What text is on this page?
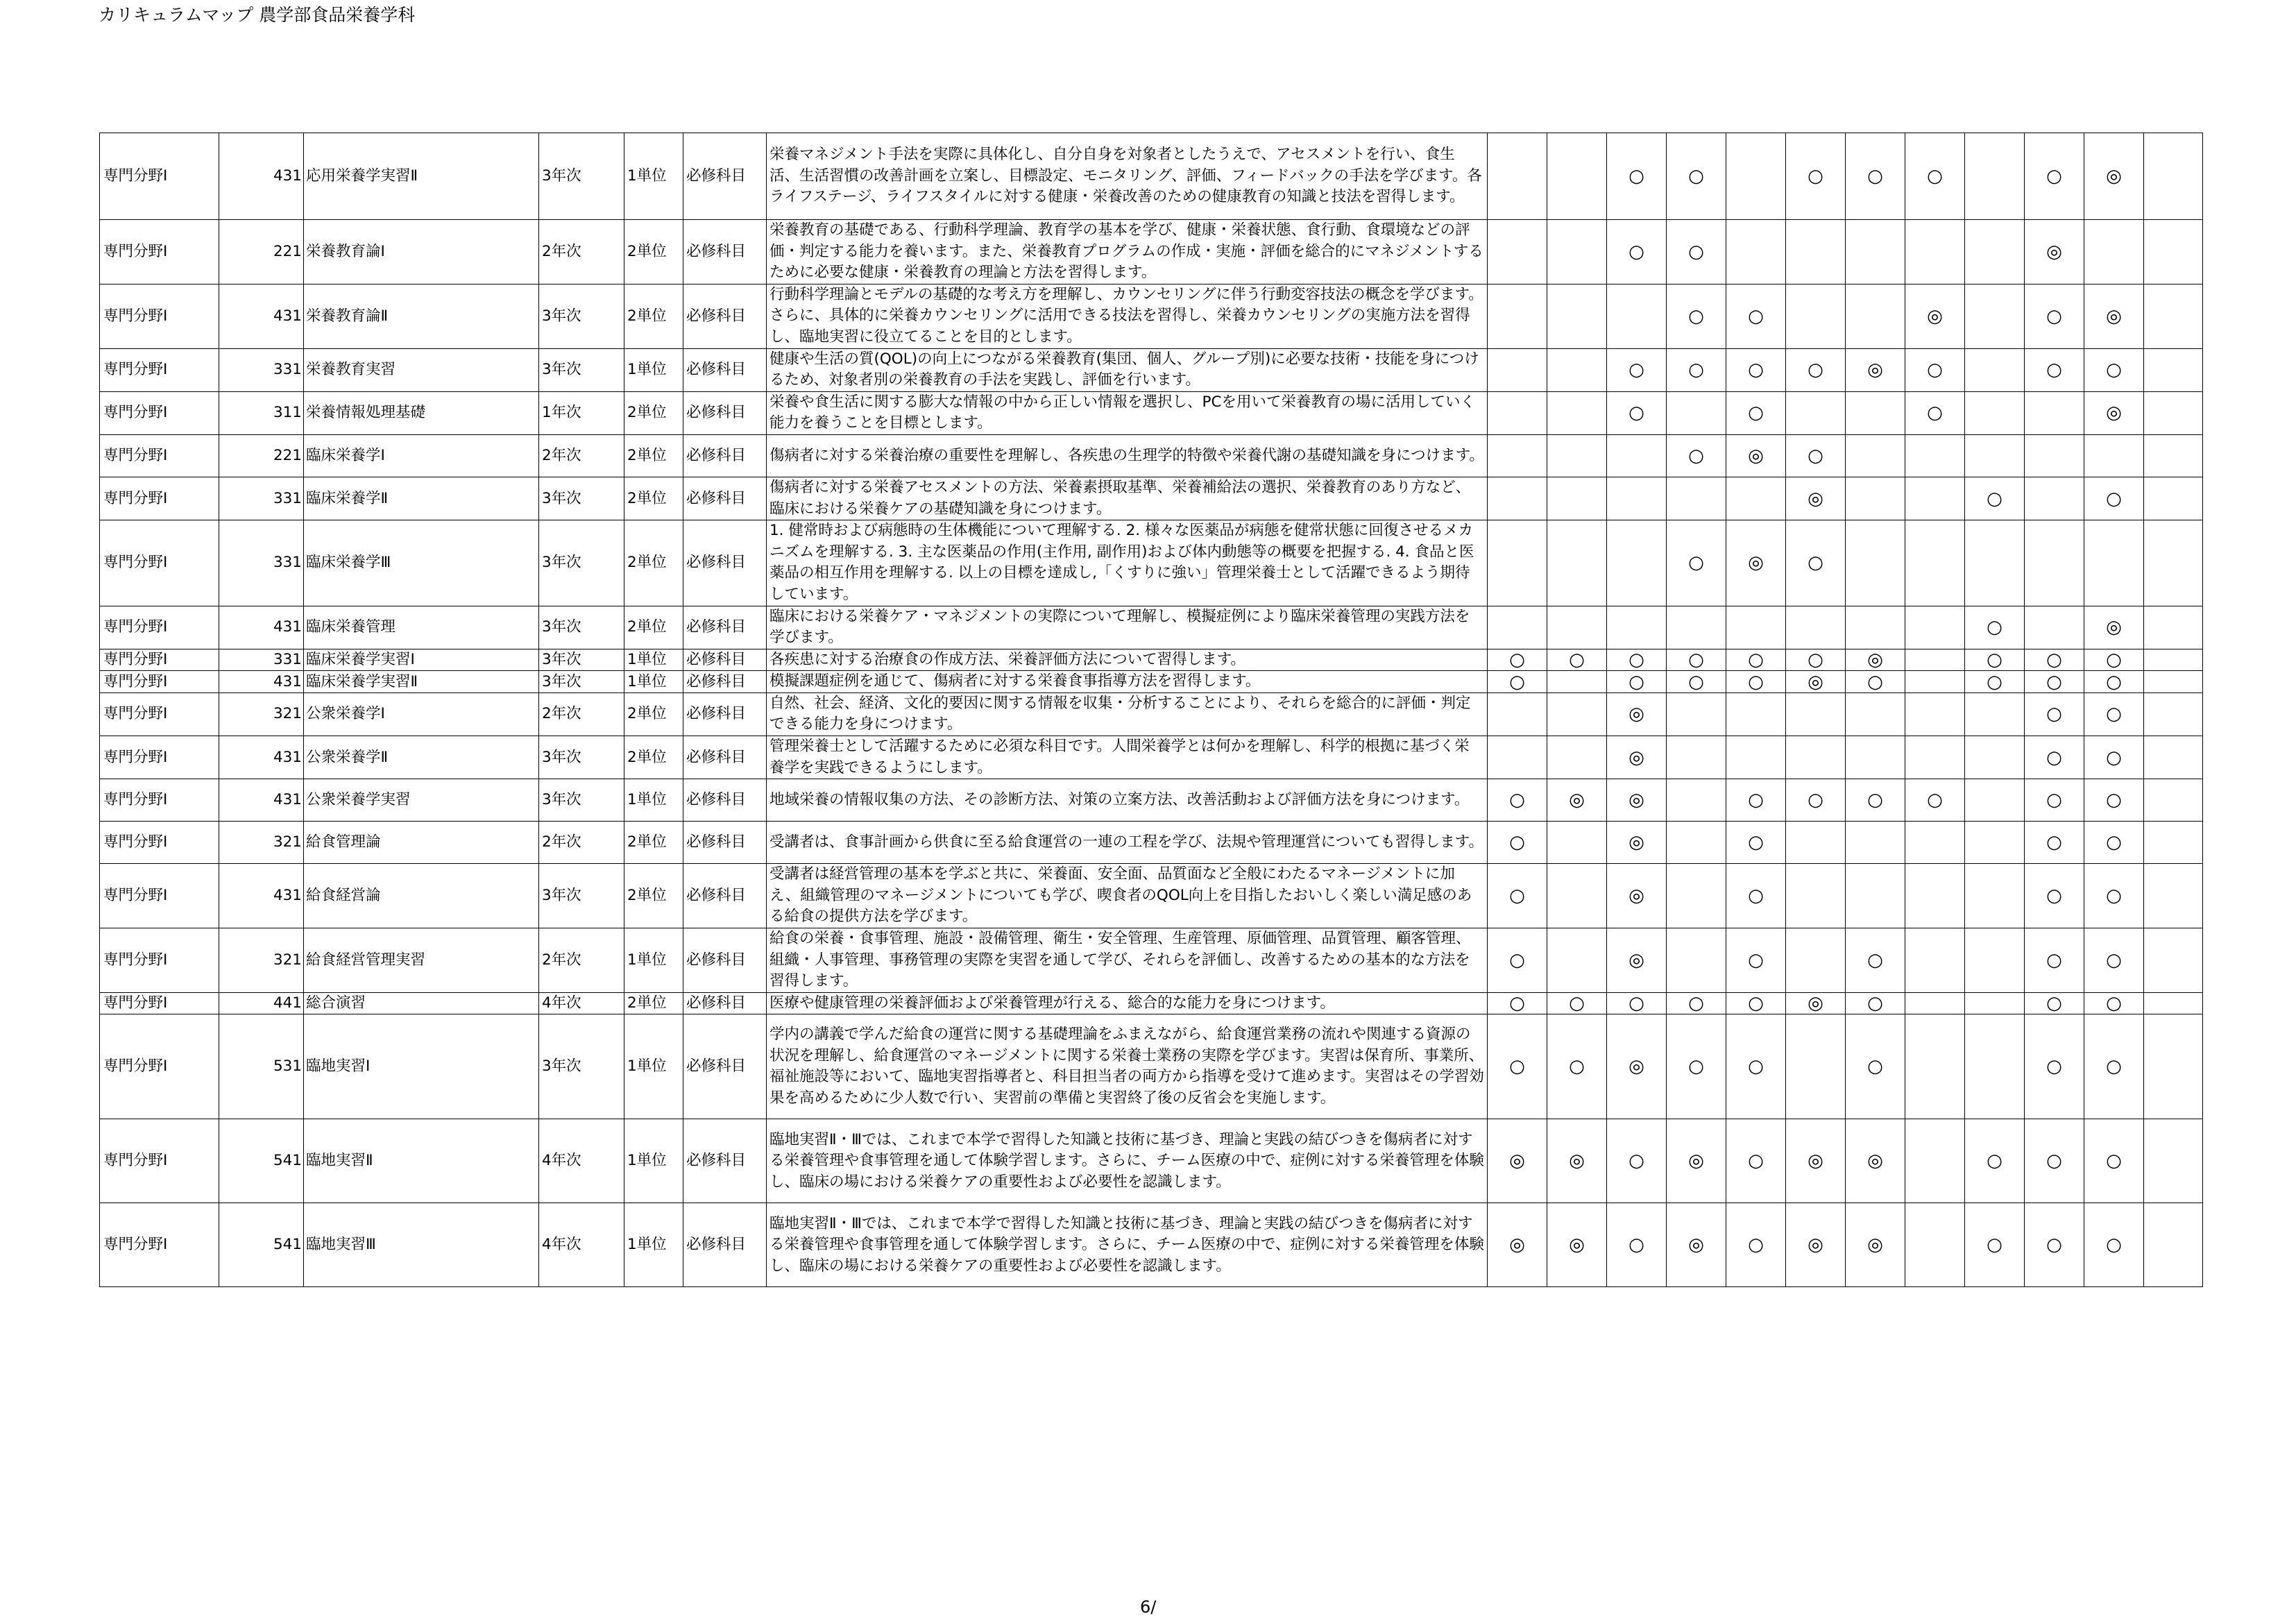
カリキュラムマップ 農学部食品栄養学科
専門分野Ⅰ	431	応用栄養学実習Ⅱ	3年次	1単位	必修科目	栄養マネジメント手法を実際に具体化し、自分自身を対象者としたうえで、アセスメントを行い、食生活、生活習慣の改善計画を立案し、目標設定、モニタリング、評価、フィードバックの手法を学びます。各ライフステージ、ライフスタイルに対する健康・栄養改善のための健康教育の知識と技法を習得します。			○	○		○	○	○		○	◎	
専門分野Ⅰ	221	栄養教育論Ⅰ	2年次	2単位	必修科目	栄養教育の基礎である、行動科学理論、教育学の基本を学び、健康・栄養状態、食行動、食環境などの評価・判定する能力を養います。また、栄養教育プログラムの作成・実施・評価を総合的にマネジメントするために必要な健康・栄養教育の理論と方法を習得します。			○	○						◎		
専門分野Ⅰ	431	栄養教育論Ⅱ	3年次	2単位	必修科目	行動科学理論とモデルの基礎的な考え方を理解し、カウンセリングに伴う行動変容技法の概念を学びます。さらに、具体的に栄養カウンセリングに活用できる技法を習得し、栄養カウンセリングの実施方法を習得し、臨地実習に役立てることを目的とします。				○	○			◎		○	◎	
専門分野Ⅰ	331	栄養教育実習	3年次	1単位	必修科目	健康や生活の質(QOL)の向上につながる栄養教育(集団、個人、グループ別)に必要な技術・技能を身につけるため、対象者別の栄養教育の手法を実践し、評価を行います。			○	○	○	○	◎	○		○	○	
専門分野Ⅰ	311	栄養情報処理基礎	1年次	2単位	必修科目	栄養や食生活に関する膨大な情報の中から正しい情報を選択し、PCを用いて栄養教育の場に活用していく能力を養うことを目標とします。			○		○			○			◎	
専門分野Ⅰ	221	臨床栄養学Ⅰ	2年次	2単位	必修科目	傷病者に対する栄養治療の重要性を理解し、各疾患の生理学的特徴や栄養代謝の基礎知識を身につけます。				○	◎	○						
専門分野Ⅰ	331	臨床栄養学Ⅱ	3年次	2単位	必修科目	傷病者に対する栄養アセスメントの方法、栄養素摂取基準、栄養補給法の選択、栄養教育のあり方など、臨床における栄養ケアの基礎知識を身につけます。						◎			○		○	
専門分野Ⅰ	331	臨床栄養学Ⅲ	3年次	2単位	必修科目	1. 健常時および病態時の生体機能について理解する. 2. 様々な医薬品が病態を健常状態に回復させるメカニズムを理解する. 3. 主な医薬品の作用(主作用, 副作用)および体内動態等の概要を把握する. 4. 食品と医薬品の相互作用を理解する. 以上の目標を達成し,「くすりに強い」管理栄養士として活躍できるよう期待しています。				○	◎	○						
専門分野Ⅰ	431	臨床栄養管理	3年次	2単位	必修科目	臨床における栄養ケア・マネジメントの実際について理解し、模擬症例により臨床栄養管理の実践方法を学びます。									○		◎	
専門分野Ⅰ	331	臨床栄養学実習Ⅰ	3年次	1単位	必修科目	各疾患に対する治療食の作成方法、栄養評価方法について習得します。	○	○	○	○	○	○	◎		○	○	○	
専門分野Ⅰ	431	臨床栄養学実習Ⅱ	3年次	1単位	必修科目	模擬課題症例を通じて、傷病者に対する栄養食事指導方法を習得します。	○		○	○	○	◎	○		○	○	○	
専門分野Ⅰ	321	公衆栄養学Ⅰ	2年次	2単位	必修科目	自然、社会、経済、文化的要因に関する情報を収集・分析することにより、それらを総合的に評価・判定できる能力を身につけます。			◎							○	○	
専門分野Ⅰ	431	公衆栄養学Ⅱ	3年次	2単位	必修科目	管理栄養士として活躍するために必須な科目です。人間栄養学とは何かを理解し、科学的根拠に基づく栄養学を実践できるようにします。			◎							○	○	
専門分野Ⅰ	431	公衆栄養学実習	3年次	1単位	必修科目	地域栄養の情報収集の方法、その診断方法、対策の立案方法、改善活動および評価方法を身につけます。	○	◎	◎		○	○	○	○		○	○	
専門分野Ⅰ	321	給食管理論	2年次	2単位	必修科目	受講者は、食事計画から供食に至る給食運営の一連の工程を学び、法規や管理運営についても習得します。	○		◎		○					○	○	
専門分野Ⅰ	431	給食経営論	3年次	2単位	必修科目	受講者は経営管理の基本を学ぶと共に、栄養面、安全面、品質面など全般にわたるマネージメントに加え、組織管理のマネージメントについても学び、喫食者のQOL向上を目指したおいしく楽しい満足感のある給食の提供方法を学びます。	○		◎		○					○	○	
専門分野Ⅰ	321	給食経営管理実習	2年次	1単位	必修科目	給食の栄養・食事管理、施設・設備管理、衛生・安全管理、生産管理、原価管理、品質管理、顧客管理、組織・人事管理、事務管理の実際を実習を通して学び、それらを評価し、改善するための基本的な方法を習得します。	○		◎		○		○			○	○	
専門分野Ⅰ	441	総合演習	4年次	2単位	必修科目	医療や健康管理の栄養評価および栄養管理が行える、総合的な能力を身につけます。	○	○	○	○	○	◎	○			○	○	
専門分野Ⅰ	531	臨地実習Ⅰ	3年次	1単位	必修科目	学内の講義で学んだ給食の運営に関する基礎理論をふまえながら、給食運営業務の流れや関連する資源の状況を理解し、給食運営のマネージメントに関する栄養士業務の実際を学びます。実習は保育所、事業所、福祉施設等において、臨地実習指導者と、科目担当者の両方から指導を受けて進めます。実習はその学習効果を高めるために少人数で行い、実習前の準備と実習終了後の反省会を実施します。	○	○	◎	○	○		○			○	○	
専門分野Ⅰ	541	臨地実習Ⅱ	4年次	1単位	必修科目	臨地実習Ⅱ・Ⅲでは、これまで本学で習得した知識と技術に基づき、理論と実践の結びつきを傷病者に対する栄養管理や食事管理を通して体験学習します。さらに、チーム医療の中で、症例に対する栄養管理を体験し、臨床の場における栄養ケアの重要性および必要性を認識します。	◎	◎	○	◎	○	◎	◎		○	○	○	
専門分野Ⅰ	541	臨地実習Ⅲ	4年次	1単位	必修科目	臨地実習Ⅱ・Ⅲでは、これまで本学で習得した知識と技術に基づき、理論と実践の結びつきを傷病者に対する栄養管理や食事管理を通して体験学習します。さらに、チーム医療の中で、症例に対する栄養管理を体験し、臨床の場における栄養ケアの重要性および必要性を認識します。	◎	◎	○	◎	○	◎	◎		○	○	○	
6/
